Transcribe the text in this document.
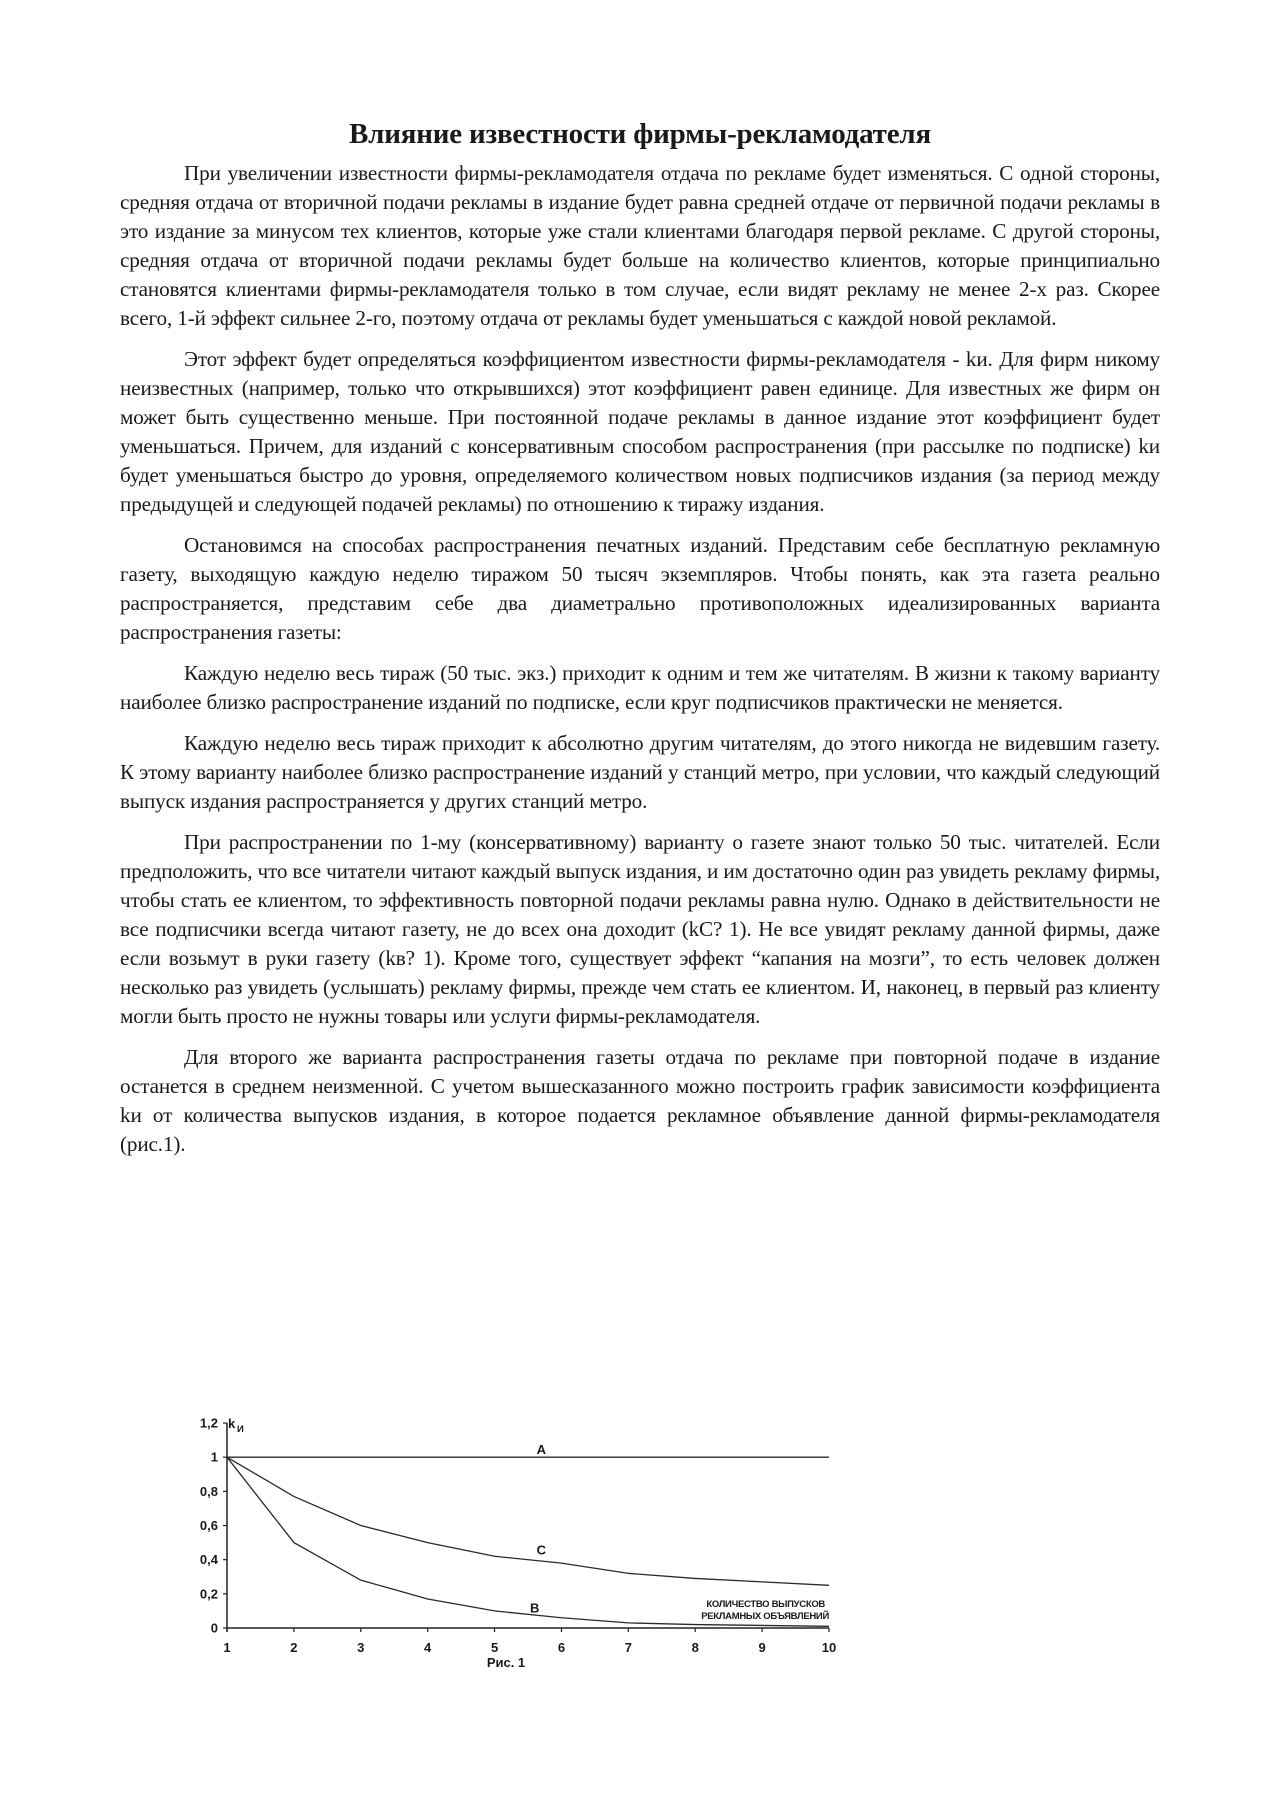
Влияние известности фирмы-рекламодателя

При увеличении известности фирмы-рекламодателя отдача по рекламе будет изменяться. С одной стороны, средняя отдача от вторичной подачи рекламы в издание будет равна средней отдаче от первичной подачи рекламы в это издание за минусом тех клиентов, которые уже стали клиентами благодаря первой рекламе. С другой стороны, средняя отдача от вторичной подачи рекламы будет больше на количество клиентов, которые принципиально становятся клиентами фирмы-рекламодателя только в том случае, если видят рекламу не менее 2-х раз. Скорее всего, 1-й эффект сильнее 2-го, поэтому отдача от рекламы будет уменьшаться с каждой новой рекламой.

Этот эффект будет определяться коэффициентом известности фирмы-рекламодателя - kи. Для фирм никому неизвестных (например, только что открывшихся) этот коэффициент равен единице. Для известных же фирм он может быть существенно меньше. При постоянной подаче рекламы в данное издание этот коэффициент будет уменьшаться. Причем, для изданий с консервативным способом распространения (при рассылке по подписке) kи будет уменьшаться быстро до уровня, определяемого количеством новых подписчиков издания (за период между предыдущей и следующей подачей рекламы) по отношению к тиражу издания.

Остановимся на способах распространения печатных изданий. Представим себе бесплатную рекламную газету, выходящую каждую неделю тиражом 50 тысяч экземпляров. Чтобы понять, как эта газета реально распространяется, представим себе два диаметрально противоположных идеализированных варианта распространения газеты:

Каждую неделю весь тираж (50 тыс. экз.) приходит к одним и тем же читателям. В жизни к такому варианту наиболее близко распространение изданий по подписке, если круг подписчиков практически не меняется.

Каждую неделю весь тираж приходит к абсолютно другим читателям, до этого никогда не видевшим газету. К этому варианту наиболее близко распространение изданий у станций метро, при условии, что каждый следующий выпуск издания распространяется у других станций метро.

При распространении по 1-му (консервативному) варианту о газете знают только 50 тыс. читателей. Если предположить, что все читатели читают каждый выпуск издания, и им достаточно один раз увидеть рекламу фирмы, чтобы стать ее клиентом, то эффективность повторной подачи рекламы равна нулю. Однако в действительности не все подписчики всегда читают газету, не до всех она доходит (kС? 1). Не все увидят рекламу данной фирмы, даже если возьмут в руки газету (kв? 1). Кроме того, существует эффект “капания на мозги”, то есть человек должен несколько раз увидеть (услышать) рекламу фирмы, прежде чем стать ее клиентом. И, наконец, в первый раз клиенту могли быть просто не нужны товары или услуги фирмы-рекламодателя.

Для второго же варианта распространения газеты отдача по рекламе при повторной подаче в издание останется в среднем неизменной. С учетом вышесказанного можно построить график зависимости коэффициента kи от количества выпусков издания, в которое подается рекламное объявление данной фирмы-рекламодателя (рис.1).

0
0,2
0,4
0,6
0,8
1
1,2 k И
1	2	3	4	5	6	7	8	9	10
Рис. 1
КОЛИЧЕСТВО ВЫПУСКОВ
РЕКЛАМНЫХ ОБЪЯВЛЕНИЙ
A
C
B
